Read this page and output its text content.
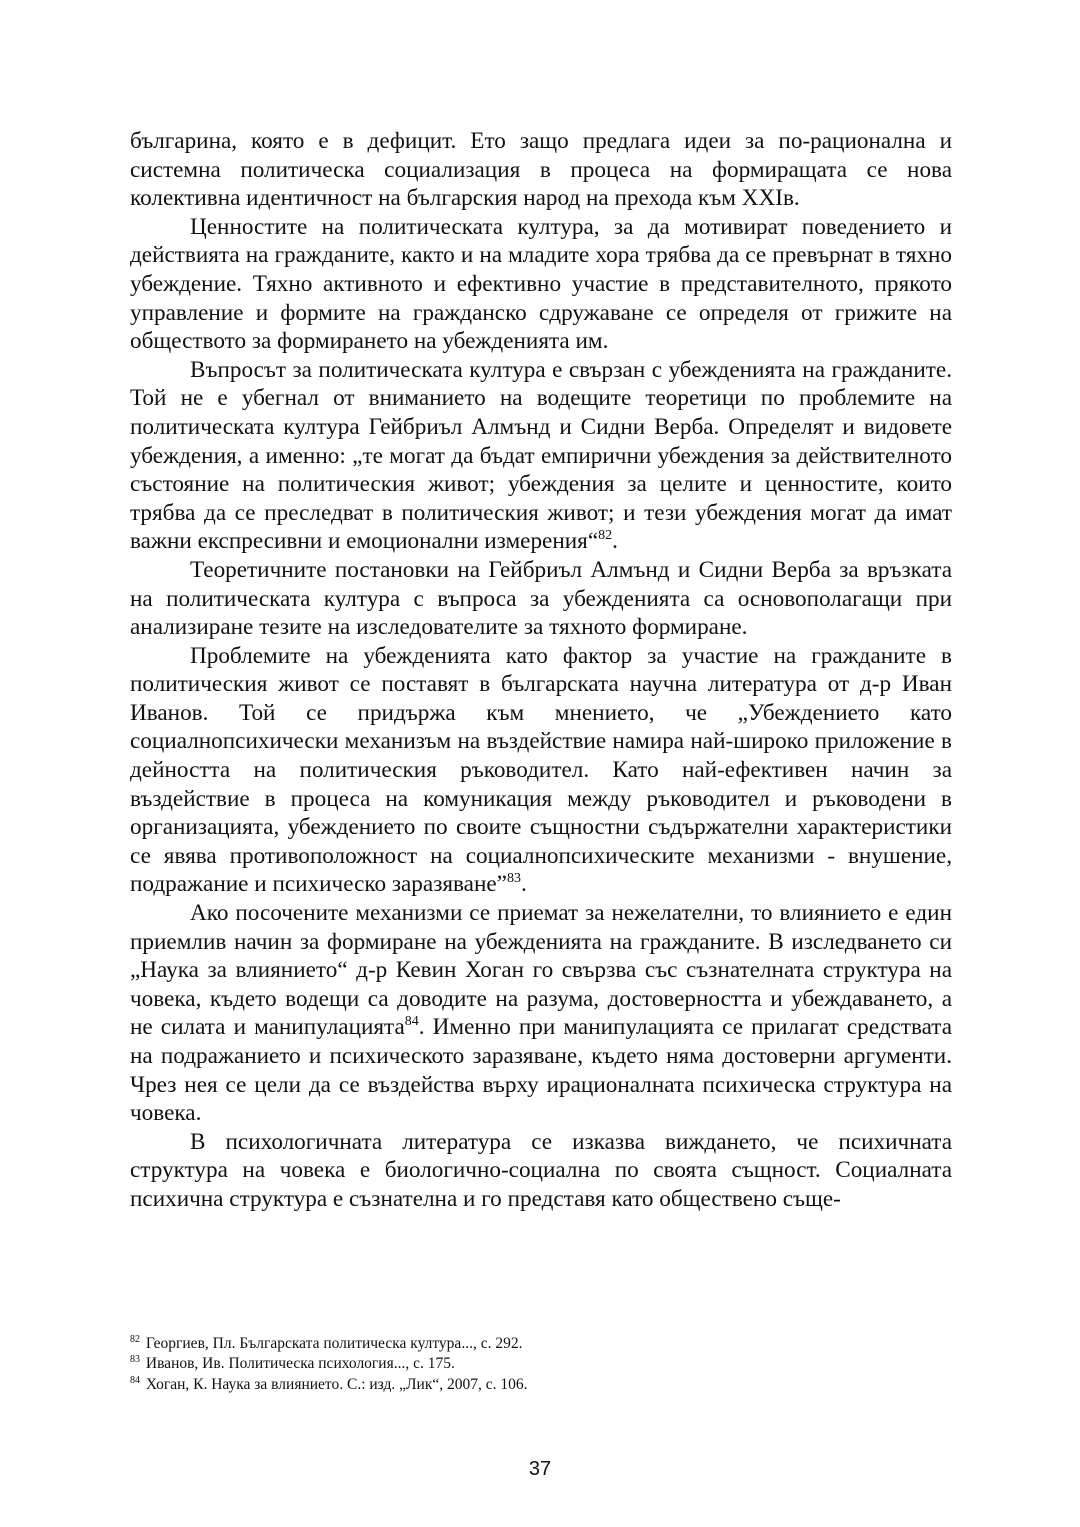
българина, която е в дефицит. Ето защо предлага идеи за по-рационална и системна политическа социализация в процеса на формиращата се нова колективна идентичност на българския народ на прехода към XXIв.

Ценностите на политическата култура, за да мотивират поведението и действията на гражданите, както и на младите хора трябва да се превърнат в тяхно убеждение. Тяхно активното и ефективно участие в представителното, прякото управление и формите на гражданско сдружаване се определя от грижите на обществото за формирането на убежденията им.

Въпросът за политическата култура е свързан с убежденията на гражданите. Той не е убегнал от вниманието на водещите теоретици по проблемите на политическата култура Гейбриъл Алмънд и Сидни Верба. Определят и видовете убеждения, а именно: „те могат да бъдат емпирични убеждения за действителното състояние на политическия живот; убеждения за целите и ценностите, които трябва да се преследват в политическия живот; и тези убеждения могат да имат важни експресивни и емоционални измерения“$^{82}$.

Теоретичните постановки на Гейбриъл Алмънд и Сидни Верба за връзката на политическата култура с въпроса за убежденията са основополагащи при анализиране тезите на изследователите за тяхното формиране.

Проблемите на убежденията като фактор за участие на гражданите в политическия живот се поставят в българската научна литература от д-р Иван Иванов. Той се придържа към мнението, че „Убеждението като социалнопсихически механизъм на въздействие намира най-широко приложение в дейността на политическия ръководител. Като най-ефективен начин за въздействие в процеса на комуникация между ръководител и ръководени в организацията, убеждението по своите същностни съдържателни характеристики се явява противоположност на социалнопсихическите механизми - внушение, подражание и психическо заразяване”$^{83}$.

Ако посочените механизми се приемат за нежелателни, то влиянието е един приемлив начин за формиране на убежденията на гражданите. В изследването си „Наука за влиянието“ д-р Кевин Хоган го свързва със съзнателната структура на човека, където водещи са доводите на разума, достоверността и убеждаването, а не силата и манипулацията$^{84}$. Именно при манипулацията се прилагат средствата на подражанието и психическото заразяване, където няма достоверни аргументи. Чрез нея се цели да се въздейства върху ирационалната психическа структура на човека.

В психологичната литература се изказва виждането, че психичната структура на човека е биологично-социална по своята същност. Социалната психична структура е съзнателна и го представя като обществено съще-

$^{82}$ Георгиев, Пл. Българската политическа култура..., с. 292.

$^{83}$ Иванов, Ив. Политическа психология..., с. 175.

$^{84}$ Хоган, К. Наука за влиянието. С.: изд. „Лик“, 2007, с. 106.

37
